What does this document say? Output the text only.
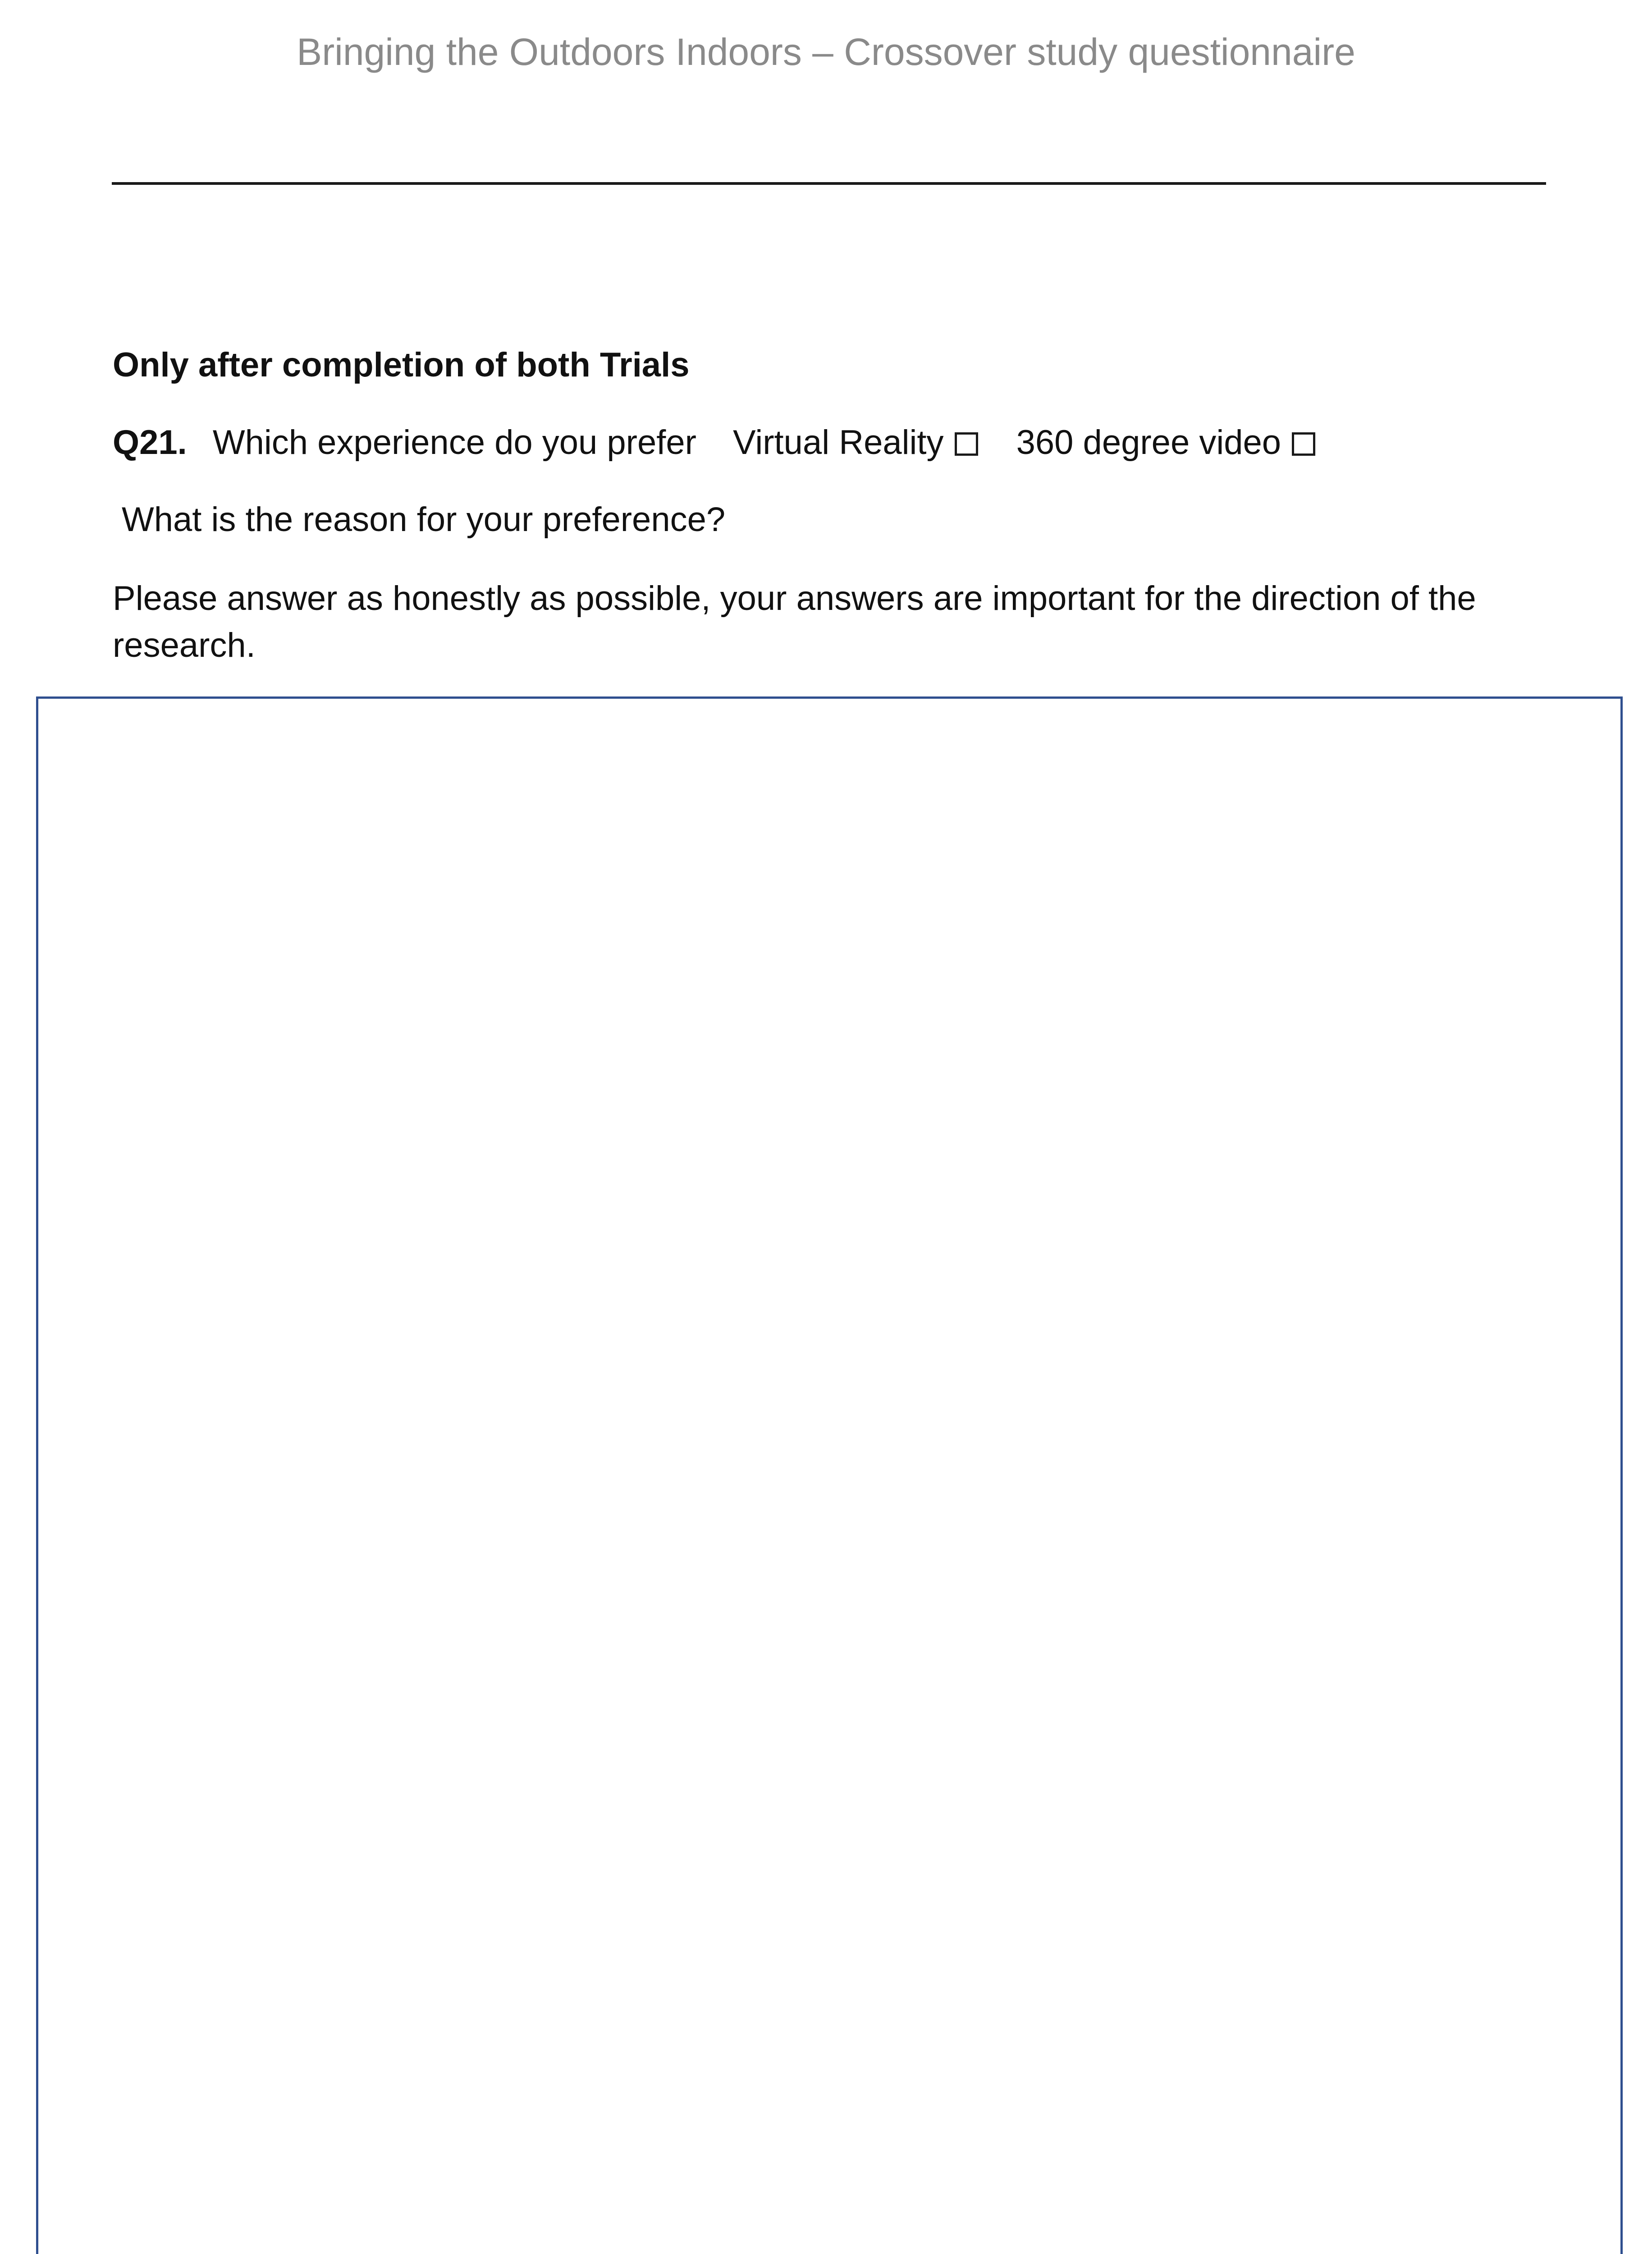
Bringing the Outdoors Indoors – Crossover study questionnaire
Only after completion of both Trials
Q21. Which experience do you prefer Virtual Reality 360 degree video
What is the reason for your preference?
Please answer as honestly as possible, your answers are important for the direction of the research.
